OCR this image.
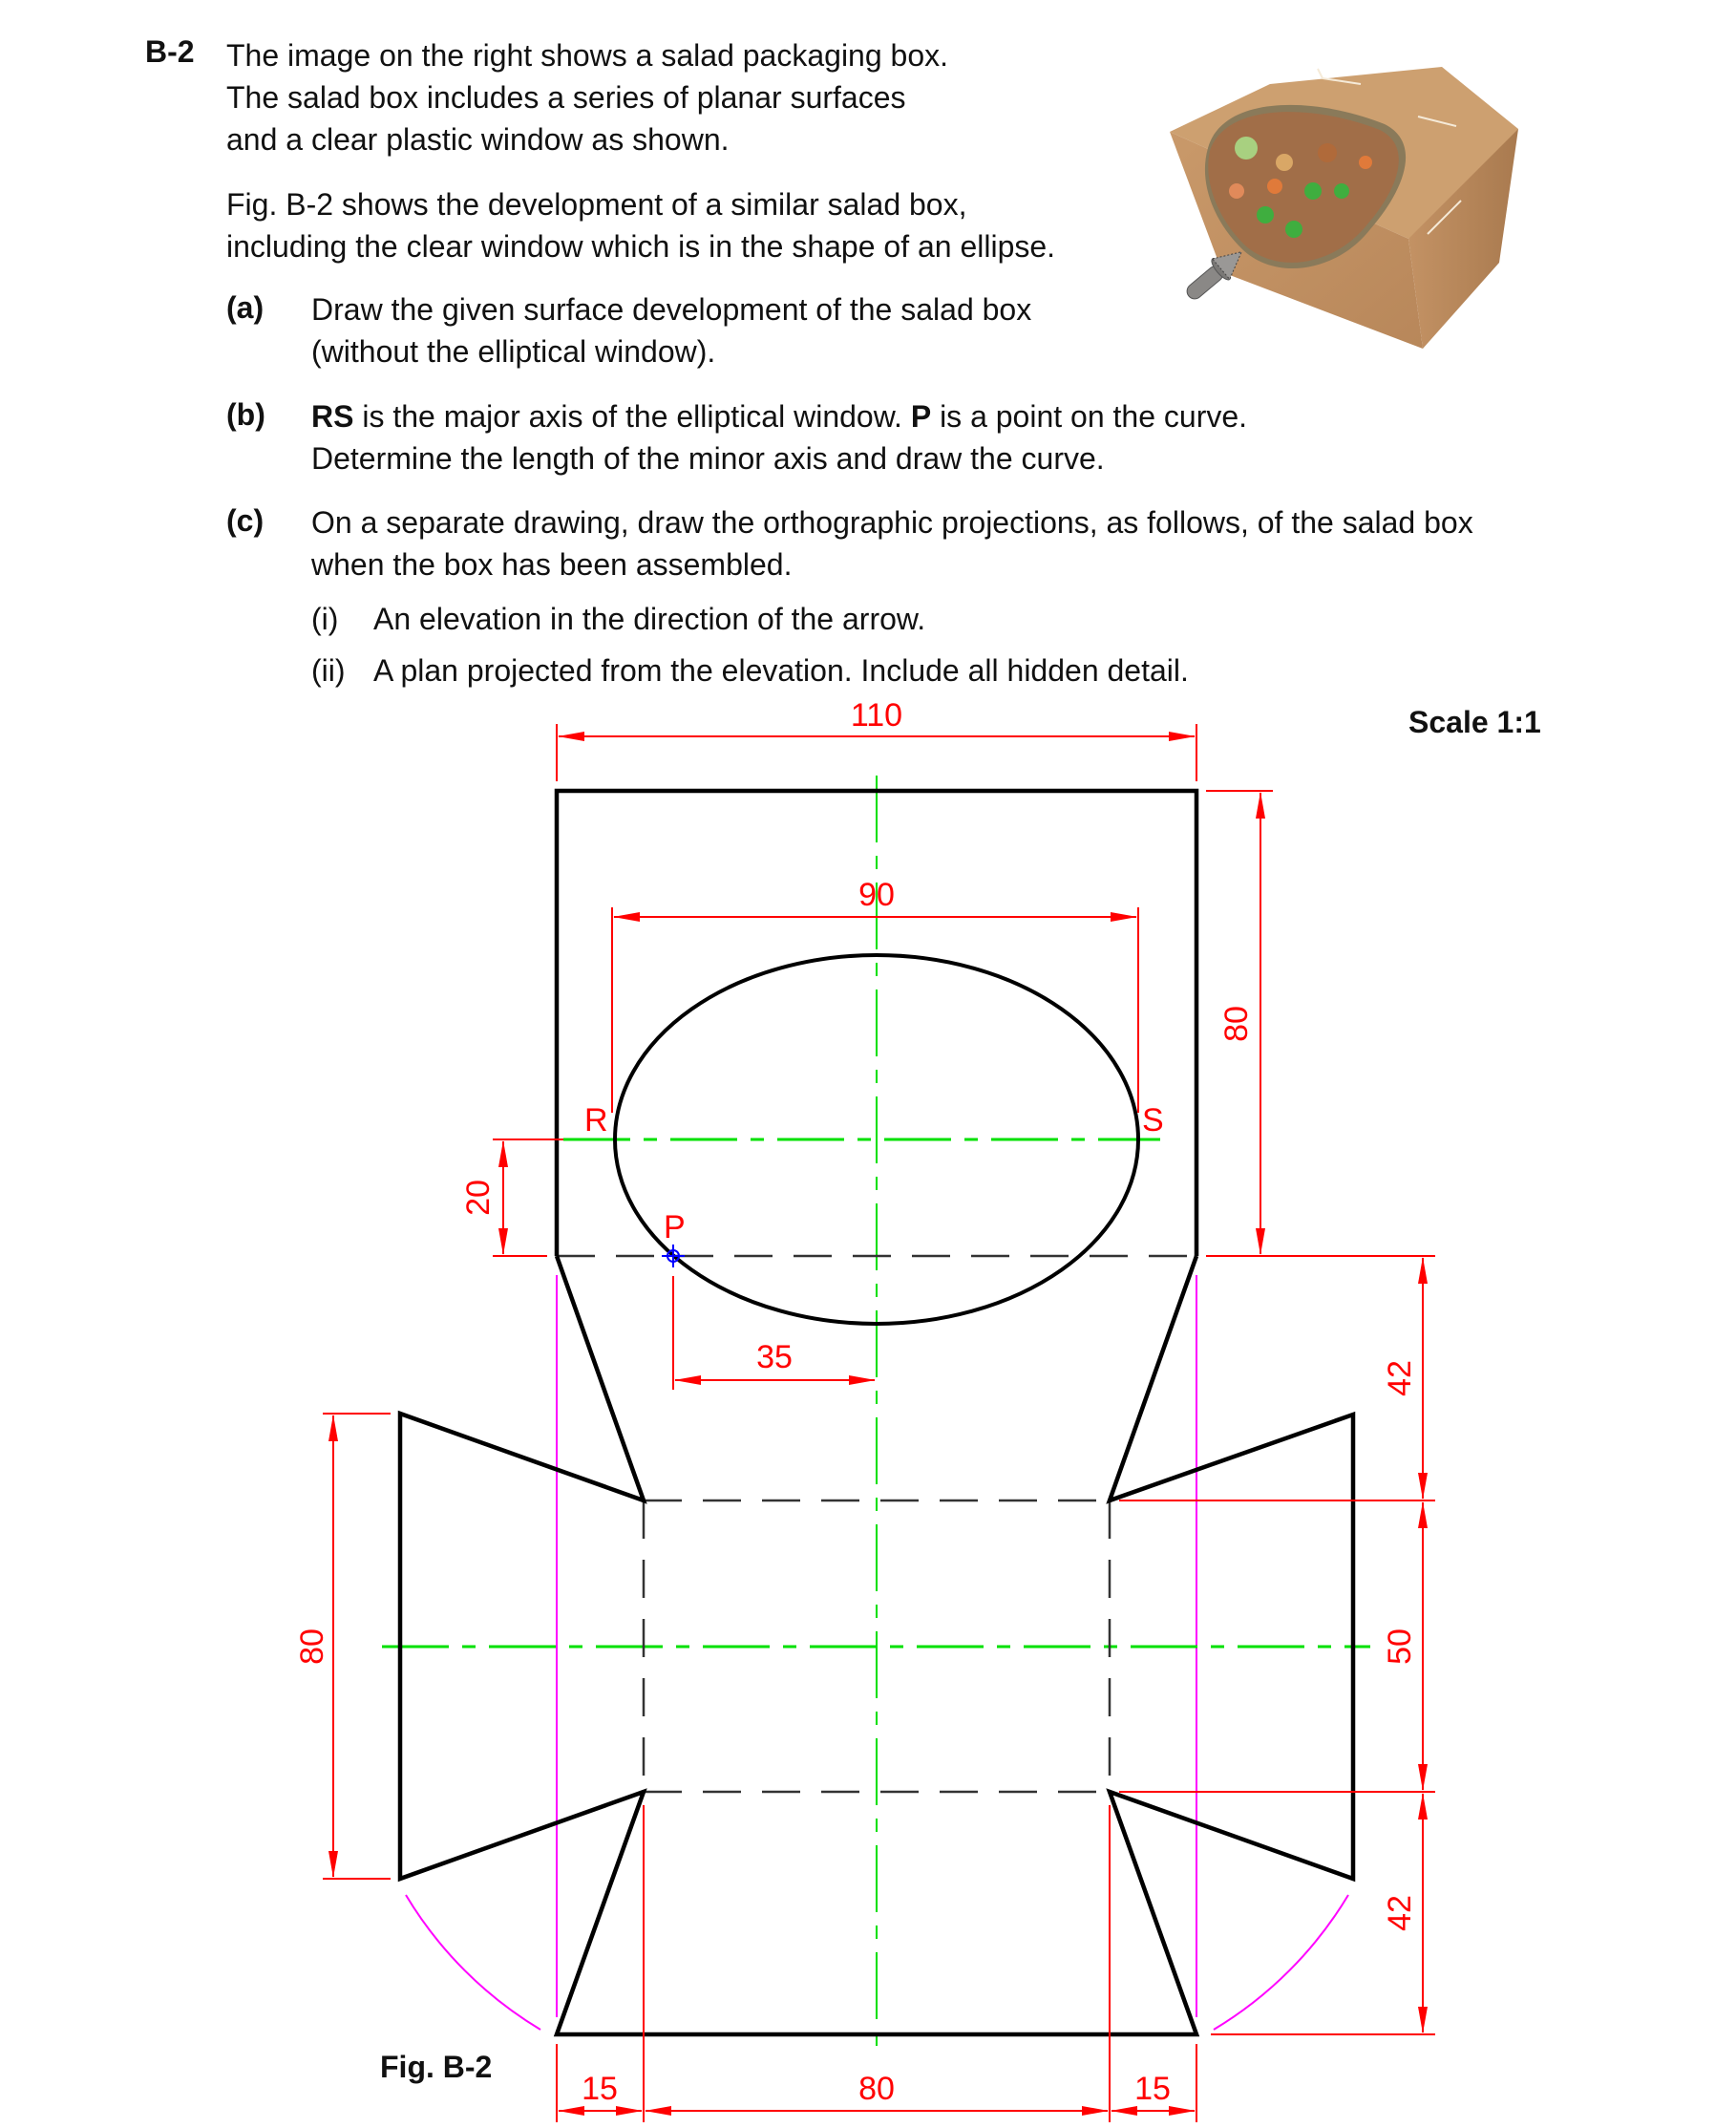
B-2 The image on the right shows a salad packaging box.
The salad box includes a series of planar surfaces
and a clear plastic window as shown.
Fig. B-2 shows the development of a similar salad box,
including the clear window which is in the shape of an ellipse.
(a) Draw the given surface development of the salad box
(without the elliptical window).
(b) RS is the major axis of the elliptical window. P is a point on the curve.
Determine the length of the minor axis and draw the curve.
(c) On a separate drawing, draw the orthographic projections, as follows, of the salad box
when the box has been assembled.
(i) An elevation in the direction of the arrow.
(ii) A plan projected from the elevation. Include all hidden detail.
Scale 1:1
110
90
80
20
35
80
42
50
42
15	80	15
R	S
P
Fig. B-2
